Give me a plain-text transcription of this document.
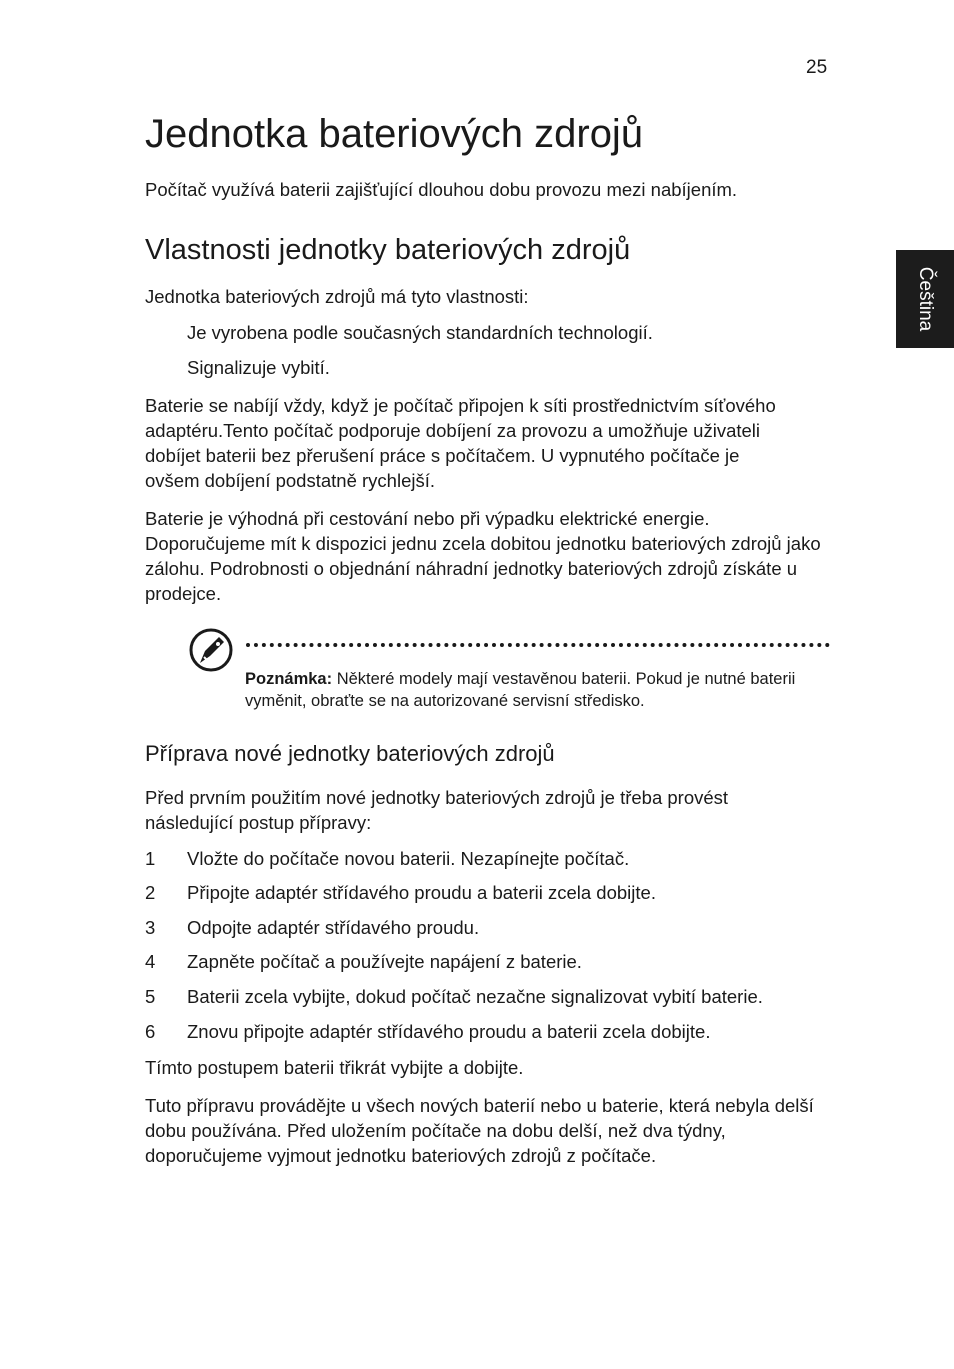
25
Čeština
Jednotka bateriových zdrojů
Počítač využívá baterii zajišťující dlouhou dobu provozu mezi nabíjením.
Vlastnosti jednotky bateriových zdrojů
Jednotka bateriových zdrojů má tyto vlastnosti:
Je vyrobena podle současných standardních technologií.
Signalizuje vybití.
Baterie se nabíjí vždy, když je počítač připojen k síti prostřednictvím síťového adaptéru.Tento počítač podporuje dobíjení za provozu a umožňuje uživateli dobíjet baterii bez přerušení práce s počítačem. U vypnutého počítače je ovšem dobíjení podstatně rychlejší.
Baterie je výhodná při cestování nebo při výpadku elektrické energie. Doporučujeme mít k dispozici jednu zcela dobitou jednotku bateriových zdrojů jako zálohu. Podrobnosti o objednání náhradní jednotky bateriových zdrojů získáte u prodejce.
Poznámka: Některé modely mají vestavěnou baterii. Pokud je nutné baterii vyměnit, obraťte se na autorizované servisní středisko.
Příprava nové jednotky bateriových zdrojů
Před prvním použitím nové jednotky bateriových zdrojů je třeba provést následující postup přípravy:
1 Vložte do počítače novou baterii. Nezapínejte počítač.
2 Připojte adaptér střídavého proudu a baterii zcela dobijte.
3 Odpojte adaptér střídavého proudu.
4 Zapněte počítač a používejte napájení z baterie.
5 Baterii zcela vybijte, dokud počítač nezačne signalizovat vybití baterie.
6 Znovu připojte adaptér střídavého proudu a baterii zcela dobijte.
Tímto postupem baterii třikrát vybijte a dobijte.
Tuto přípravu provádějte u všech nových baterií nebo u baterie, která nebyla delší dobu používána. Před uložením počítače na dobu delší, než dva týdny, doporučujeme vyjmout jednotku bateriových zdrojů z počítače.
